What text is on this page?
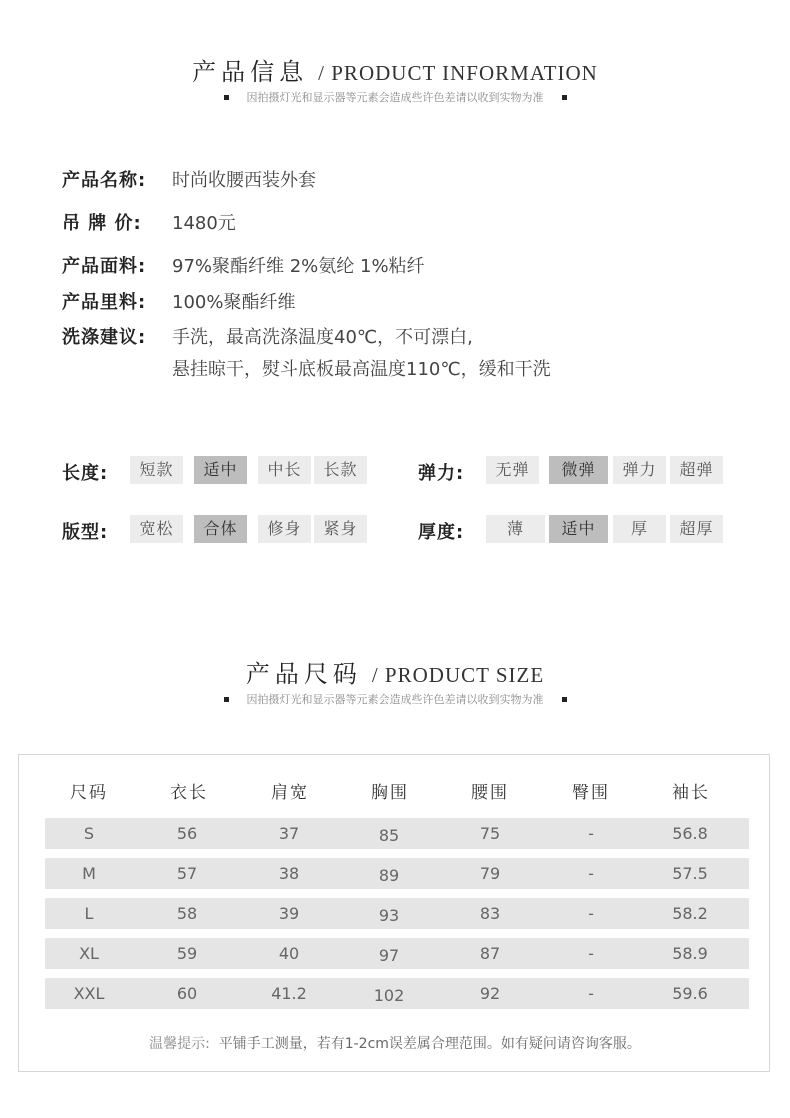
产品信息 / PRODUCT INFORMATION
因拍摄灯光和显示器等元素会造成些许色差请以收到实物为准
产品名称: 时尚收腰西装外套
吊 牌 价: 1480元
产品面料: 97%聚酯纤维 2%氨纶 1%粘纤
产品里料: 100%聚酯纤维
洗涤建议: 手洗，最高洗涤温度40℃，不可漂白,
悬挂晾干，熨斗底板最高温度110℃，缓和干洗
长度:	短款	适中	中长	长款	弹力:	无弹	微弹	弹力	超弹
版型:	宽松	合体	修身	紧身	厚度:	薄	适中	厚	超厚
产品尺码 / PRODUCT SIZE
因拍摄灯光和显示器等元素会造成些许色差请以收到实物为准
尺码	衣长	肩宽	胸围	腰围	臀围	袖长
S	56	37	85	75	-	56.8
M	57	38	89	79	-	57.5
L	58	39	93	83	-	58.2
XL	59	40	97	87	-	58.9
XXL	60	41.2	102	92	-	59.6
温馨提示: 平铺手工测量，若有1-2cm误差属合理范围。如有疑问请咨询客服。
